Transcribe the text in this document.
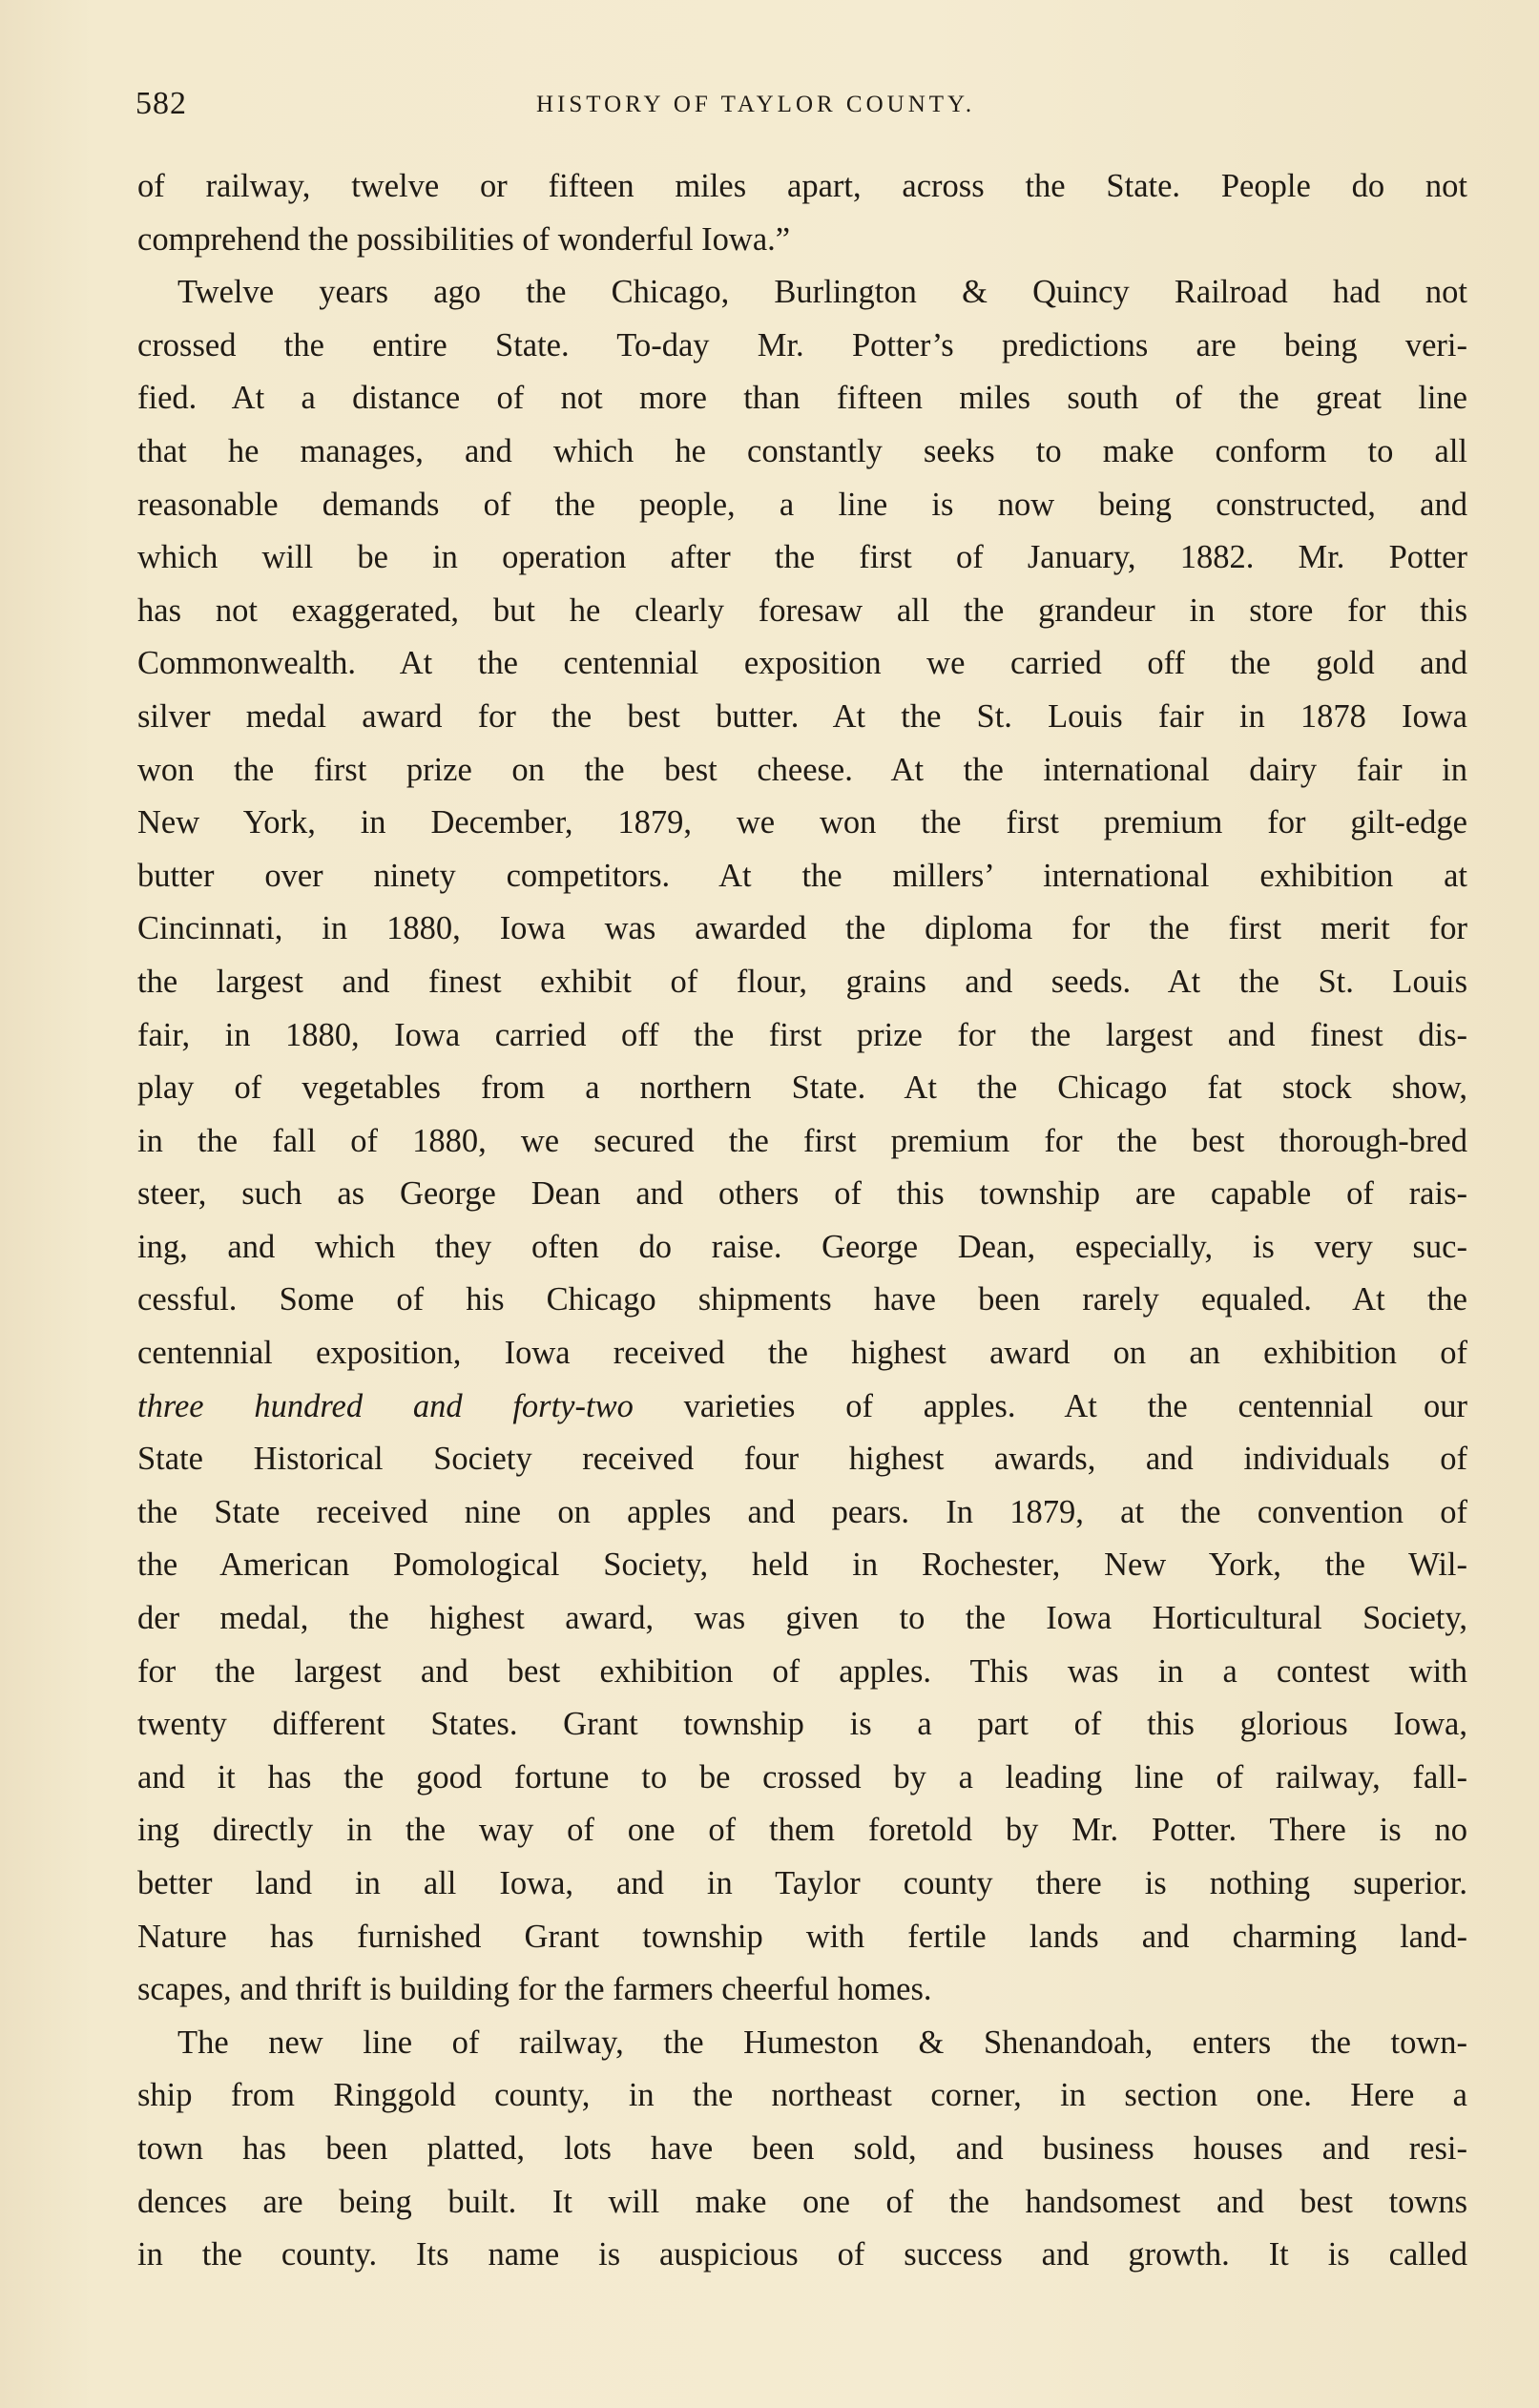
582	HISTORY OF TAYLOR COUNTY.
of railway, twelve or fifteen miles apart, across the State. People do not
comprehend the possibilities of wonderful Iowa.”
Twelve years ago the Chicago, Burlington & Quincy Railroad had not
crossed the entire State. To-day Mr. Potter’s predictions are being veri-
fied. At a distance of not more than fifteen miles south of the great line
that he manages, and which he constantly seeks to make conform to all
reasonable demands of the people, a line is now being constructed, and
which will be in operation after the first of January, 1882. Mr. Potter
has not exaggerated, but he clearly foresaw all the grandeur in store for this
Commonwealth. At the centennial exposition we carried off the gold and
silver medal award for the best butter. At the St. Louis fair in 1878 Iowa
won the first prize on the best cheese. At the international dairy fair in
New York, in December, 1879, we won the first premium for gilt-edge
butter over ninety competitors. At the millers’ international exhibition at
Cincinnati, in 1880, Iowa was awarded the diploma for the first merit for
the largest and finest exhibit of flour, grains and seeds. At the St. Louis
fair, in 1880, Iowa carried off the first prize for the largest and finest dis-
play of vegetables from a northern State. At the Chicago fat stock show,
in the fall of 1880, we secured the first premium for the best thorough-bred
steer, such as George Dean and others of this township are capable of rais-
ing, and which they often do raise. George Dean, especially, is very suc-
cessful. Some of his Chicago shipments have been rarely equaled. At the
centennial exposition, Iowa received the highest award on an exhibition of
three hundred and forty-two varieties of apples. At the centennial our
State Historical Society received four highest awards, and individuals of
the State received nine on apples and pears. In 1879, at the convention of
the American Pomological Society, held in Rochester, New York, the Wil-
der medal, the highest award, was given to the Iowa Horticultural Society,
for the largest and best exhibition of apples. This was in a contest with
twenty different States. Grant township is a part of this glorious Iowa,
and it has the good fortune to be crossed by a leading line of railway, fall-
ing directly in the way of one of them foretold by Mr. Potter. There is no
better land in all Iowa, and in Taylor county there is nothing superior.
Nature has furnished Grant township with fertile lands and charming land-
scapes, and thrift is building for the farmers cheerful homes.
The new line of railway, the Humeston & Shenandoah, enters the town-
ship from Ringgold county, in the northeast corner, in section one. Here a
town has been platted, lots have been sold, and business houses and resi-
dences are being built. It will make one of the handsomest and best towns
in the county. Its name is auspicious of success and growth. It is called
